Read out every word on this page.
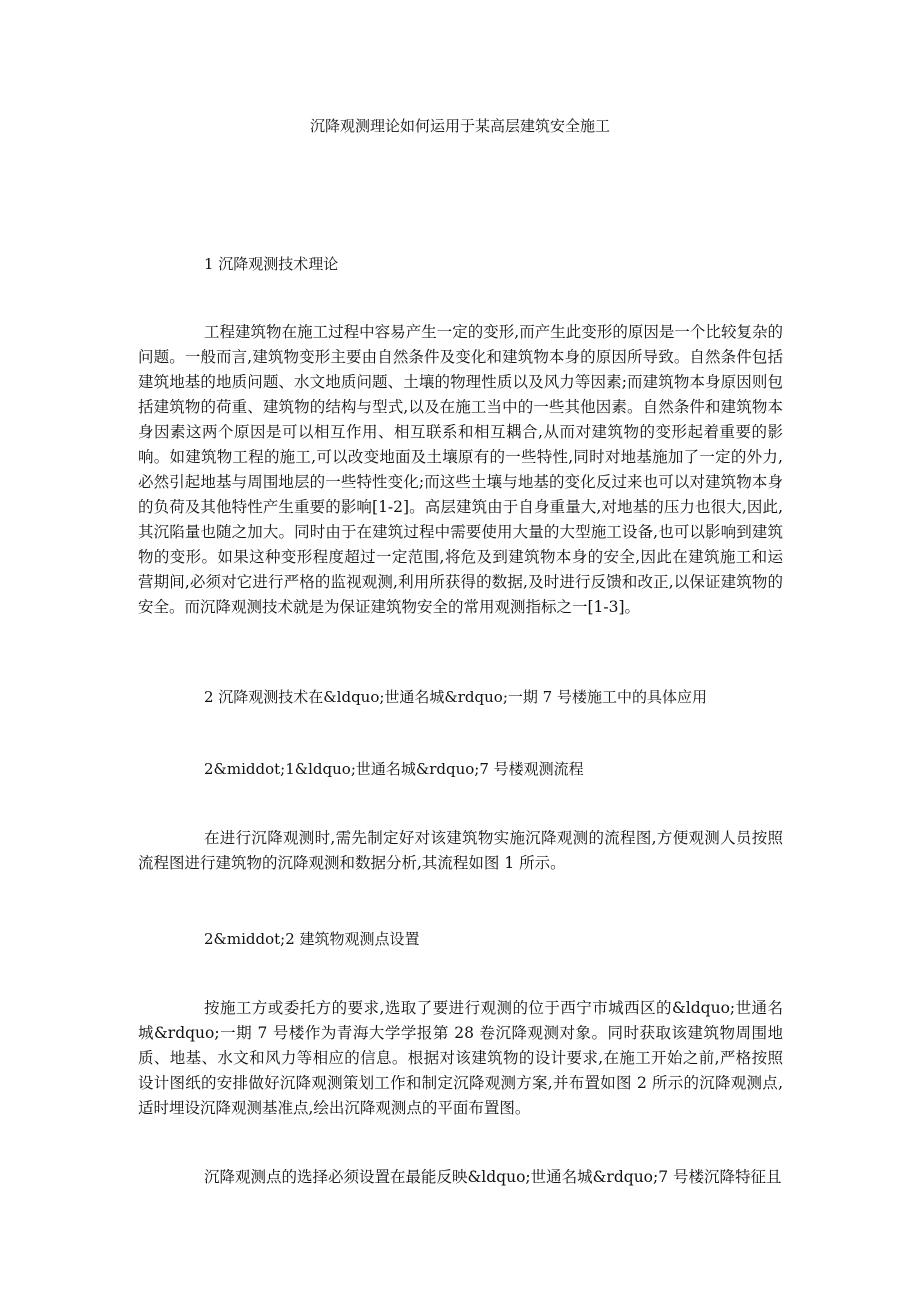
沉降观测理论如何运用于某高层建筑安全施工
1 沉降观测技术理论

工程建筑物在施工过程中容易产生一定的变形,而产生此变形的原因是一个比较复杂的问题。一般而言,建筑物变形主要由自然条件及变化和建筑物本身的原因所导致。自然条件包括建筑地基的地质问题、水文地质问题、土壤的物理性质以及风力等因素;而建筑物本身原因则包括建筑物的荷重、建筑物的结构与型式,以及在施工当中的一些其他因素。自然条件和建筑物本身因素这两个原因是可以相互作用、相互联系和相互耦合,从而对建筑物的变形起着重要的影响。如建筑物工程的施工,可以改变地面及土壤原有的一些特性,同时对地基施加了一定的外力,必然引起地基与周围地层的一些特性变化;而这些土壤与地基的变化反过来也可以对建筑物本身的负荷及其他特性产生重要的影响[1-2]。高层建筑由于自身重量大,对地基的压力也很大,因此,其沉陷量也随之加大。同时由于在建筑过程中需要使用大量的大型施工设备,也可以影响到建筑物的变形。如果这种变形程度超过一定范围,将危及到建筑物本身的安全,因此在建筑施工和运营期间,必须对它进行严格的监视观测,利用所获得的数据,及时进行反馈和改正,以保证建筑物的安全。而沉降观测技术就是为保证建筑物安全的常用观测指标之一[1-3]。

2 沉降观测技术在&ldquo;世通名城&rdquo;一期 7 号楼施工中的具体应用
2&middot;1&ldquo;世通名城&rdquo;7 号楼观测流程

在进行沉降观测时,需先制定好对该建筑物实施沉降观测的流程图,方便观测人员按照流程图进行建筑物的沉降观测和数据分析,其流程如图 1 所示。

2&middot;2 建筑物观测点设置

按施工方或委托方的要求,选取了要进行观测的位于西宁市城西区的&ldquo;世通名城&rdquo;一期 7 号楼作为青海大学学报第 28 卷沉降观测对象。同时获取该建筑物周围地质、地基、水文和风力等相应的信息。根据对该建筑物的设计要求,在施工开始之前,严格按照设计图纸的安排做好沉降观测策划工作和制定沉降观测方案,并布置如图 2 所示的沉降观测点,适时埋设沉降观测基准点,绘出沉降观测点的平面布置图。

沉降观测点的选择必须设置在最能反映&ldquo;世通名城&rdquo;7 号楼沉降特征且
